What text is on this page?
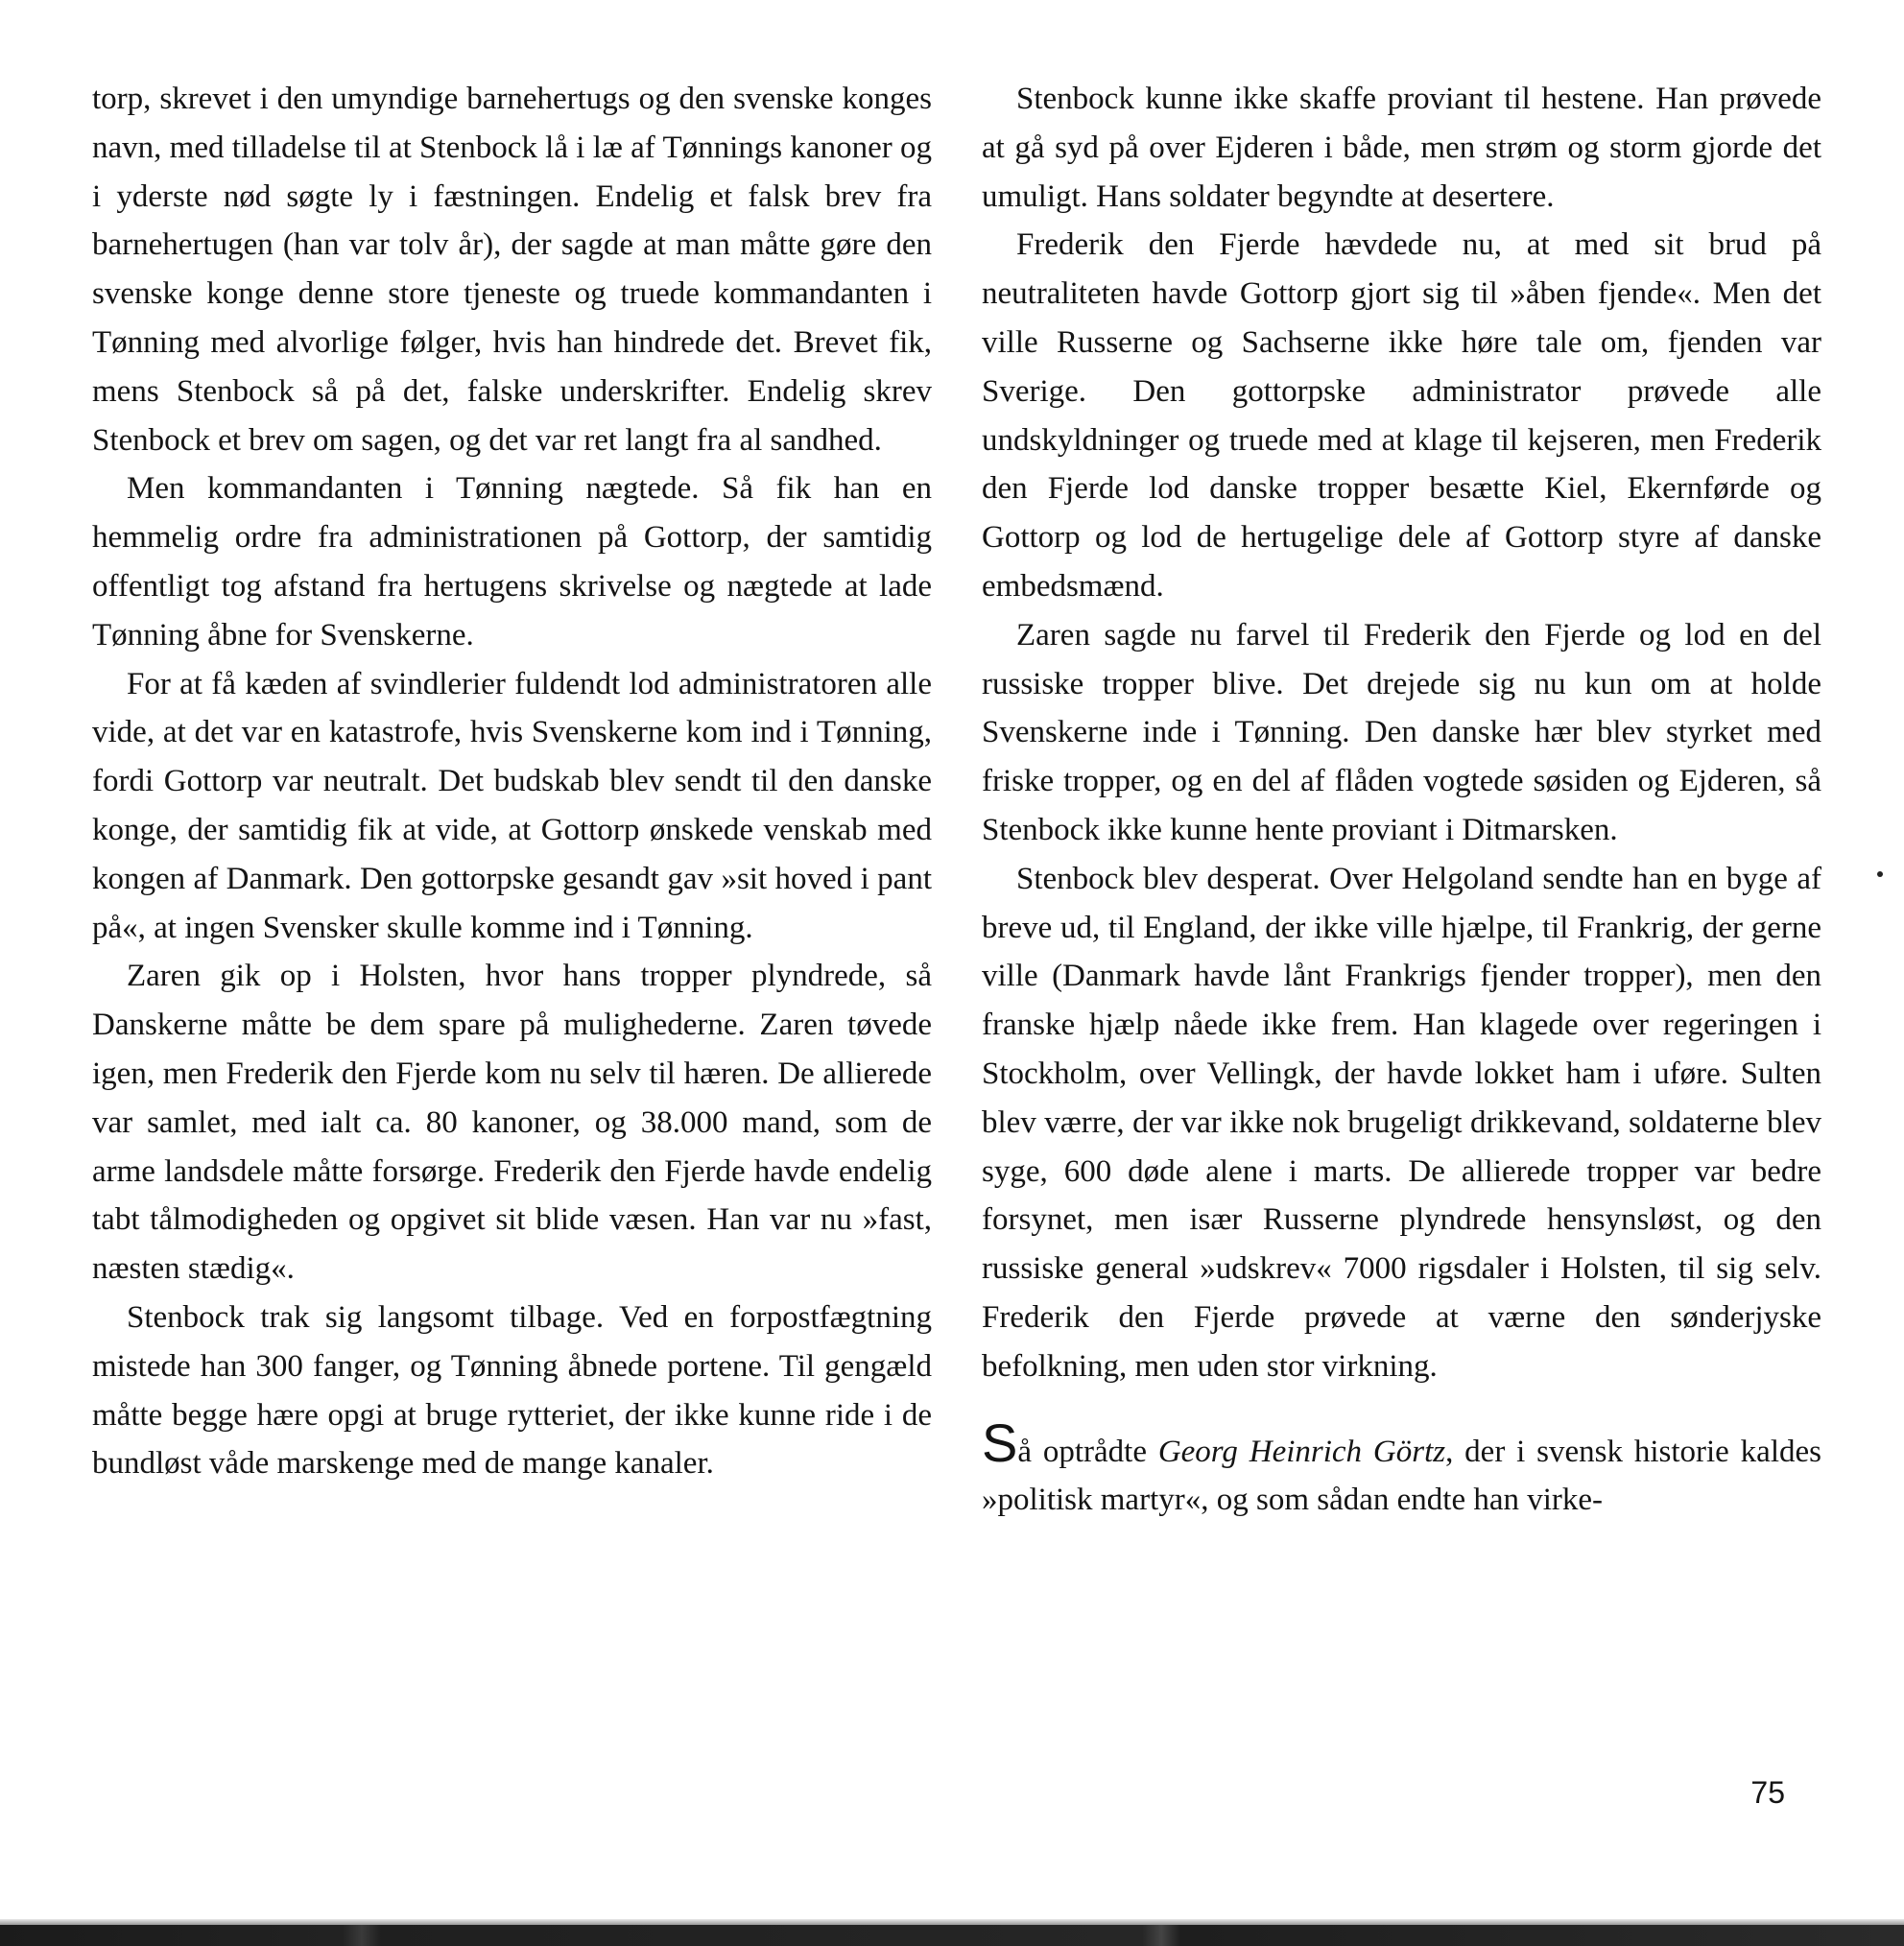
torp, skrevet i den umyndige barnehertugs og den svenske konges navn, med tilladelse til at Stenbock lå i læ af Tønnings kanoner og i yderste nød søgte ly i fæstningen. Endelig et falsk brev fra barnehertugen (han var tolv år), der sagde at man måtte gøre den svenske konge denne store tjeneste og truede kommandanten i Tønning med alvorlige følger, hvis han hindrede det. Brevet fik, mens Stenbock så på det, falske underskrifter. Endelig skrev Stenbock et brev om sagen, og det var ret langt fra al sandhed.

Men kommandanten i Tønning nægtede. Så fik han en hemmelig ordre fra administrationen på Gottorp, der samtidig offentligt tog afstand fra hertugens skrivelse og nægtede at lade Tønning åbne for Svenskerne.

For at få kæden af svindlerier fuldendt lod administratoren alle vide, at det var en katastrofe, hvis Svenskerne kom ind i Tønning, fordi Gottorp var neutralt. Det budskab blev sendt til den danske konge, der samtidig fik at vide, at Gottorp ønskede venskab med kongen af Danmark. Den gottorpske gesandt gav »sit hoved i pant på«, at ingen Svensker skulle komme ind i Tønning.

Zaren gik op i Holsten, hvor hans tropper plyndrede, så Danskerne måtte be dem spare på mulighederne. Zaren tøvede igen, men Frederik den Fjerde kom nu selv til hæren. De allierede var samlet, med ialt ca. 80 kanoner, og 38.000 mand, som de arme landsdele måtte forsørge. Frederik den Fjerde havde endelig tabt tålmodigheden og opgivet sit blide væsen. Han var nu »fast, næsten stædig«.

Stenbock trak sig langsomt tilbage. Ved en forpostfægtning mistede han 300 fanger, og Tønning åbnede portene. Til gengæld måtte begge hære opgi at bruge rytteriet, der ikke kunne ride i de bundløst våde marskenge med de mange kanaler.

Stenbock kunne ikke skaffe proviant til hestene. Han prøvede at gå syd på over Ejderen i både, men strøm og storm gjorde det umuligt. Hans soldater begyndte at desertere.

Frederik den Fjerde hævdede nu, at med sit brud på neutraliteten havde Gottorp gjort sig til »åben fjende«. Men det ville Russerne og Sachserne ikke høre tale om, fjenden var Sverige. Den gottorpske administrator prøvede alle undskyldninger og truede med at klage til kejseren, men Frederik den Fjerde lod danske tropper besætte Kiel, Ekernførde og Gottorp og lod de hertugelige dele af Gottorp styre af danske embedsmænd.

Zaren sagde nu farvel til Frederik den Fjerde og lod en del russiske tropper blive. Det drejede sig nu kun om at holde Svenskerne inde i Tønning. Den danske hær blev styrket med friske tropper, og en del af flåden vogtede søsiden og Ejderen, så Stenbock ikke kunne hente proviant i Ditmarsken.

Stenbock blev desperat. Over Helgoland sendte han en byge af breve ud, til England, der ikke ville hjælpe, til Frankrig, der gerne ville (Danmark havde lånt Frankrigs fjender tropper), men den franske hjælp nåede ikke frem. Han klagede over regeringen i Stockholm, over Vellingk, der havde lokket ham i uføre. Sulten blev værre, der var ikke nok brugeligt drikkevand, soldaterne blev syge, 600 døde alene i marts. De allierede tropper var bedre forsynet, men især Russerne plyndrede hensynsløst, og den russiske general »udskrev« 7000 rigsdaler i Holsten, til sig selv. Frederik den Fjerde prøvede at værne den sønderjyske befolkning, men uden stor virkning.

Så optrådte Georg Heinrich Görtz, der i svensk historie kaldes »politisk martyr«, og som sådan endte han virke-

75
